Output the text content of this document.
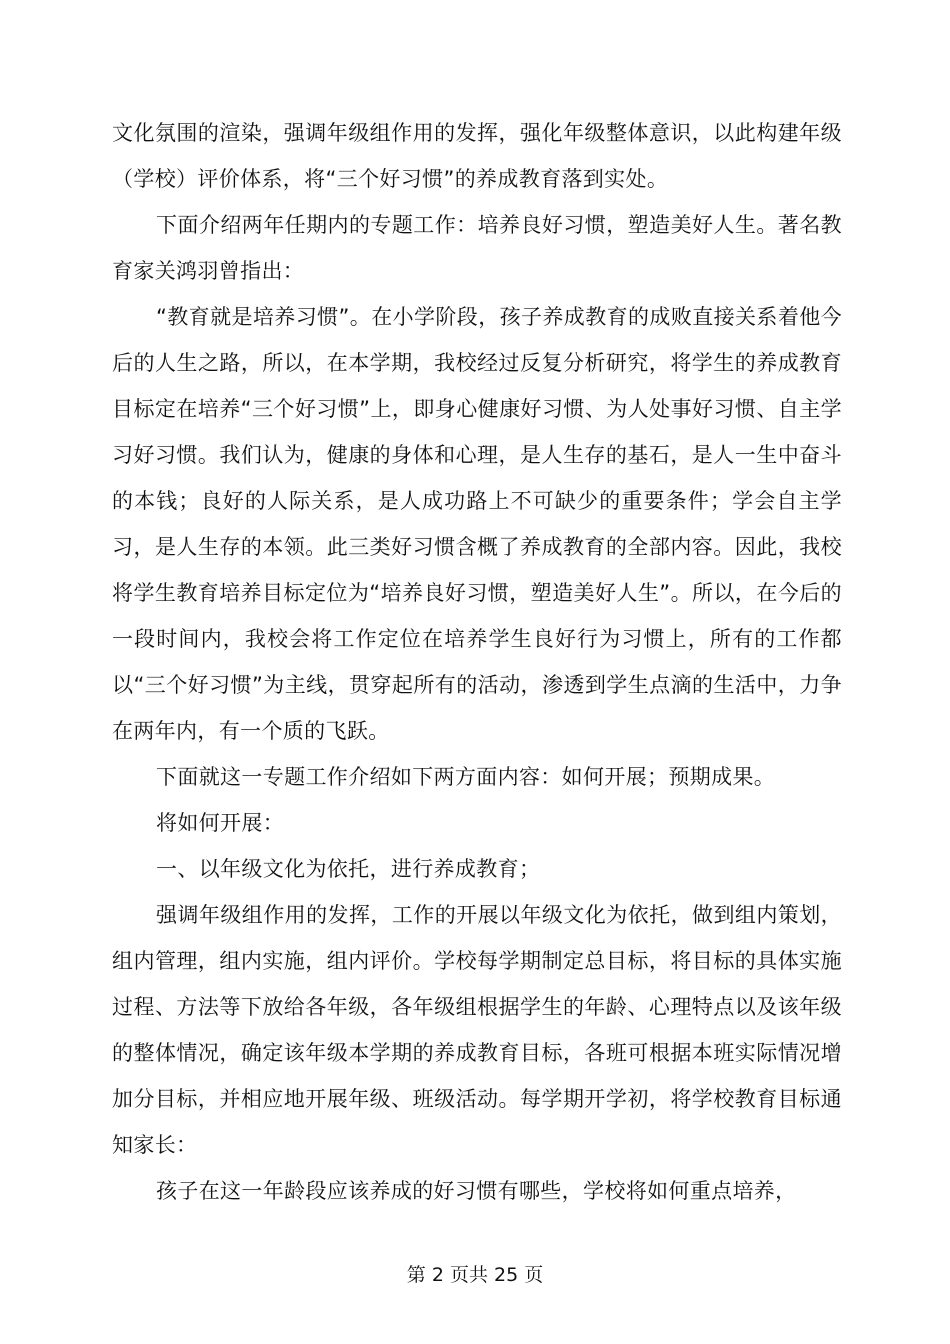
文化氛围的渲染，强调年级组作用的发挥，强化年级整体意识，以此构建年级（学校）评价体系，将“三个好习惯”的养成教育落到实处。

下面介绍两年任期内的专题工作：培养良好习惯，塑造美好人生。著名教育家关鸿羽曾指出：

“教育就是培养习惯”。在小学阶段，孩子养成教育的成败直接关系着他今后的人生之路，所以，在本学期，我校经过反复分析研究，将学生的养成教育目标定在培养“三个好习惯”上，即身心健康好习惯、为人处事好习惯、自主学习好习惯。我们认为，健康的身体和心理，是人生存的基石，是人一生中奋斗的本钱；良好的人际关系，是人成功路上不可缺少的重要条件；学会自主学习，是人生存的本领。此三类好习惯含概了养成教育的全部内容。因此，我校将学生教育培养目标定位为“培养良好习惯，塑造美好人生”。所以，在今后的一段时间内，我校会将工作定位在培养学生良好行为习惯上，所有的工作都以“三个好习惯”为主线，贯穿起所有的活动，渗透到学生点滴的生活中，力争在两年内，有一个质的飞跃。

下面就这一专题工作介绍如下两方面内容：如何开展；预期成果。

将如何开展：

一、以年级文化为依托，进行养成教育；

强调年级组作用的发挥，工作的开展以年级文化为依托，做到组内策划，组内管理，组内实施，组内评价。学校每学期制定总目标，将目标的具体实施过程、方法等下放给各年级，各年级组根据学生的年龄、心理特点以及该年级的整体情况，确定该年级本学期的养成教育目标，各班可根据本班实际情况增加分目标，并相应地开展年级、班级活动。每学期开学初，将学校教育目标通知家长：

孩子在这一年龄段应该养成的好习惯有哪些，学校将如何重点培养，

第 2 页共 25 页
